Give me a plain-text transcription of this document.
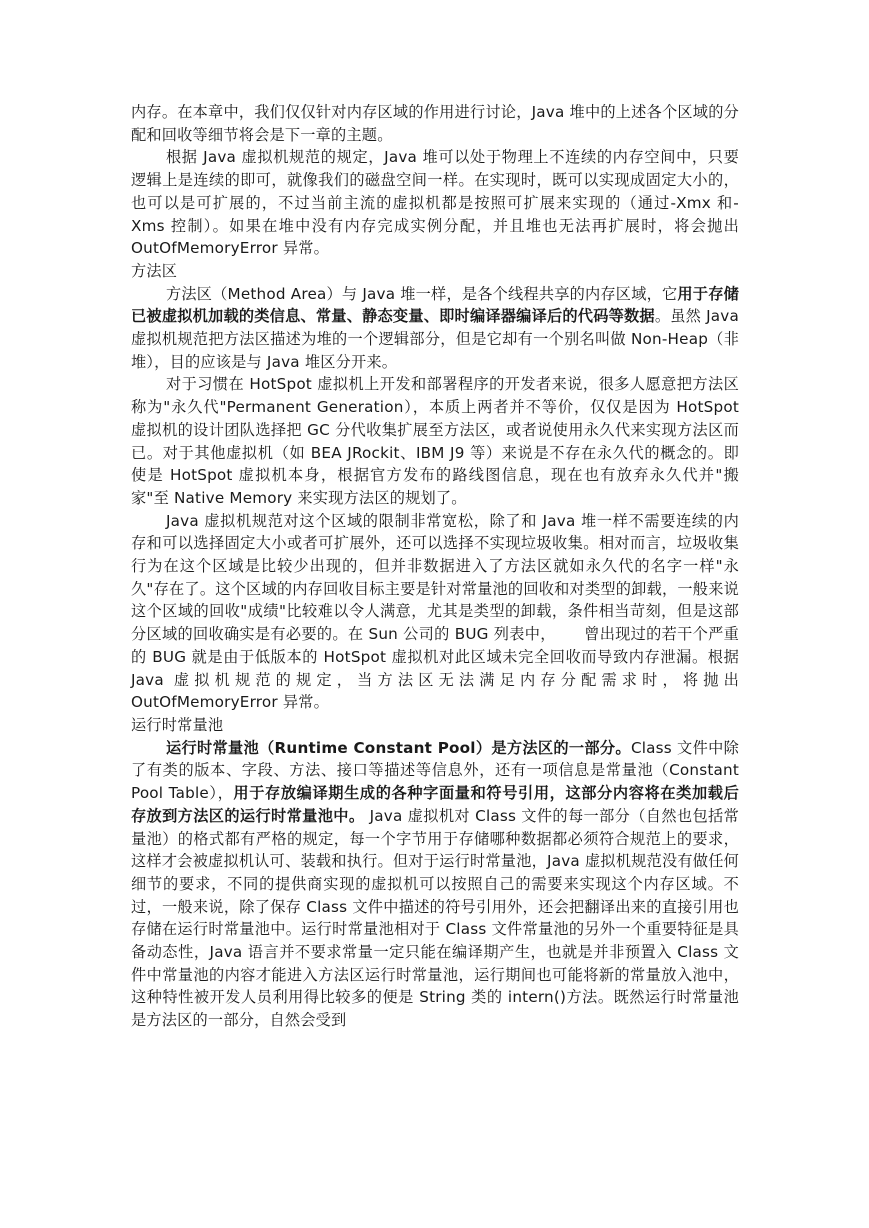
内存。在本章中，我们仅仅针对内存区域的作用进行讨论，Java 堆中的上述各个区域的分配和回收等细节将会是下一章的主题。

根据 Java 虚拟机规范的规定，Java 堆可以处于物理上不连续的内存空间中，只要逻辑上是连续的即可，就像我们的磁盘空间一样。在实现时，既可以实现成固定大小的，也可以是可扩展的，不过当前主流的虚拟机都是按照可扩展来实现的（通过-Xmx 和-Xms 控制）。如果在堆中没有内存完成实例分配，并且堆也无法再扩展时，将会抛出 OutOfMemoryError 异常。

方法区

方法区（Method Area）与 Java 堆一样，是各个线程共享的内存区域，它用于存储已被虚拟机加载的类信息、常量、静态变量、即时编译器编译后的代码等数据。虽然 Java 虚拟机规范把方法区描述为堆的一个逻辑部分，但是它却有一个别名叫做 Non-Heap（非堆），目的应该是与 Java 堆区分开来。

对于习惯在 HotSpot 虚拟机上开发和部署程序的开发者来说，很多人愿意把方法区称为"永久代"Permanent Generation），本质上两者并不等价，仅仅是因为 HotSpot 虚拟机的设计团队选择把 GC 分代收集扩展至方法区，或者说使用永久代来实现方法区而已。对于其他虚拟机（如 BEA JRockit、IBM J9 等）来说是不存在永久代的概念的。即使是 HotSpot 虚拟机本身，根据官方发布的路线图信息，现在也有放弃永久代并"搬家"至 Native Memory 来实现方法区的规划了。

Java 虚拟机规范对这个区域的限制非常宽松，除了和 Java 堆一样不需要连续的内存和可以选择固定大小或者可扩展外，还可以选择不实现垃圾收集。相对而言，垃圾收集行为在这个区域是比较少出现的，但并非数据进入了方法区就如永久代的名字一样"永久"存在了。这个区域的内存回收目标主要是针对常量池的回收和对类型的卸载，一般来说这个区域的回收"成绩"比较难以令人满意，尤其是类型的卸载，条件相当苛刻，但是这部分区域的回收确实是有必要的。在 Sun 公司的 BUG 列表中，　　 曾出现过的若干个严重的 BUG 就是由于低版本的 HotSpot 虚拟机对此区域未完全回收而导致内存泄漏。根据 Java 虚拟机规范的规定，当方法区无法满足内存分配需求时，将抛出 OutOfMemoryError 异常。

运行时常量池

运行时常量池（Runtime Constant Pool）是方法区的一部分。Class 文件中除了有类的版本、字段、方法、接口等描述等信息外，还有一项信息是常量池（Constant Pool Table），用于存放编译期生成的各种字面量和符号引用，这部分内容将在类加载后存放到方法区的运行时常量池中。 Java 虚拟机对 Class 文件的每一部分（自然也包括常量池）的格式都有严格的规定，每一个字节用于存储哪种数据都必须符合规范上的要求，这样才会被虚拟机认可、装载和执行。但对于运行时常量池，Java 虚拟机规范没有做任何细节的要求，不同的提供商实现的虚拟机可以按照自己的需要来实现这个内存区域。不过，一般来说，除了保存 Class 文件中描述的符号引用外，还会把翻译出来的直接引用也存储在运行时常量池中。运行时常量池相对于 Class 文件常量池的另外一个重要特征是具备动态性，Java 语言并不要求常量一定只能在编译期产生，也就是并非预置入 Class 文件中常量池的内容才能进入方法区运行时常量池，运行期间也可能将新的常量放入池中，这种特性被开发人员利用得比较多的便是 String 类的 intern()方法。既然运行时常量池是方法区的一部分，自然会受到
